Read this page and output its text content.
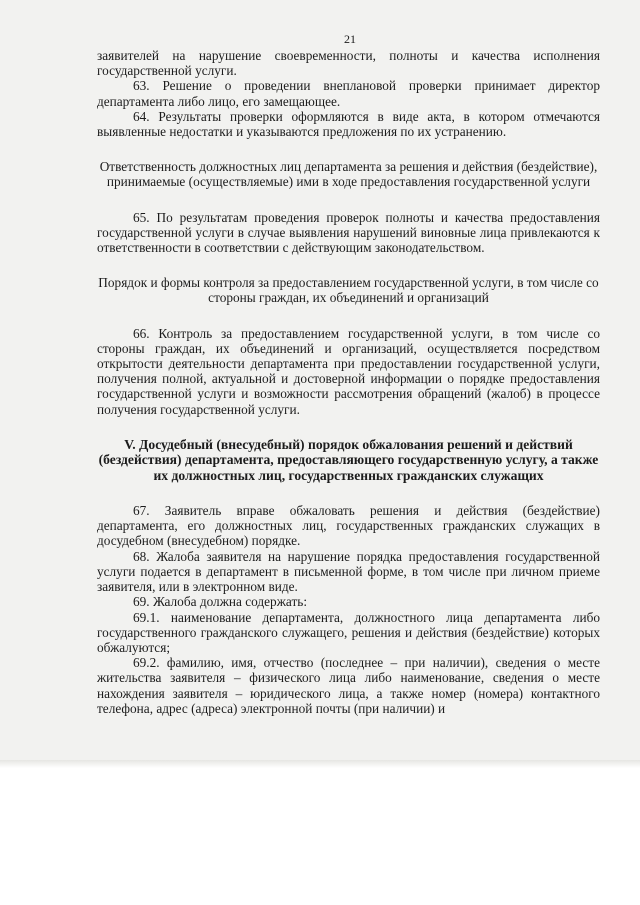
21

заявителей на нарушение своевременности, полноты и качества исполнения государственной услуги.

63. Решение о проведении внеплановой проверки принимает директор департамента либо лицо, его замещающее.

64. Результаты проверки оформляются в виде акта, в котором отмечаются выявленные недостатки и указываются предложения по их устранению.

Ответственность должностных лиц департамента за решения и действия (бездействие), принимаемые (осуществляемые) ими в ходе предоставления государственной услуги

65. По результатам проведения проверок полноты и качества предоставления государственной услуги в случае выявления нарушений виновные лица привлекаются к ответственности в соответствии с действующим законодательством.

Порядок и формы контроля за предоставлением государственной услуги, в том числе со стороны граждан, их объединений и организаций

66. Контроль за предоставлением государственной услуги, в том числе со стороны граждан, их объединений и организаций, осуществляется посредством открытости деятельности департамента при предоставлении государственной услуги, получения полной, актуальной и достоверной информации о порядке предоставления государственной услуги и возможности рассмотрения обращений (жалоб) в процессе получения государственной услуги.

V. Досудебный (внесудебный) порядок обжалования решений и действий (бездействия) департамента, предоставляющего государственную услугу, а также их должностных лиц, государственных гражданских служащих

67. Заявитель вправе обжаловать решения и действия (бездействие) департамента, его должностных лиц, государственных гражданских служащих в досудебном (внесудебном) порядке.

68. Жалоба заявителя на нарушение порядка предоставления государственной услуги подается в департамент в письменной форме, в том числе при личном приеме заявителя, или в электронном виде.

69. Жалоба должна содержать:

69.1. наименование департамента, должностного лица департамента либо государственного гражданского служащего, решения и действия (бездействие) которых обжалуются;

69.2. фамилию, имя, отчество (последнее – при наличии), сведения о месте жительства заявителя – физического лица либо наименование, сведения о месте нахождения заявителя – юридического лица, а также номер (номера) контактного телефона, адрес (адреса) электронной почты (при наличии) и
